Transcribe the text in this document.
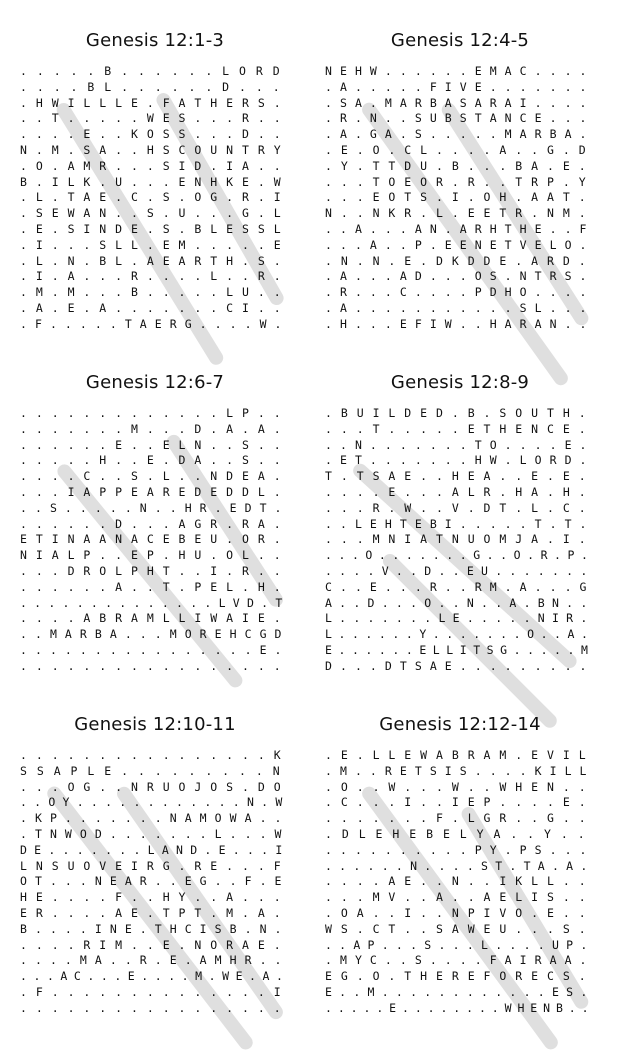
Genesis 12:1-3
.....B......LORD
....BL......D...
.HWILLLE.FATHERS.
..T.....WES...R..
....E..KOSS...D..
N.M.SA..HSCOUNTRY
.O.AMR...SID.IA..
B.ILK.U...ENHKE.W
.L.TAE.C.S.OG.R.I
.SEWAN..S.U...G.L
.E.SINDE.S.BLESSL
.I...SLL.EM.....E
.L.N.BL.AEARTH.S.
.I.A...R....L..R.
.M.M...B.....LU..
.A.E.A.......CI..
.F.....TAERG....W.
Genesis 12:4-5
NEHW......EMAC....
.A.....FIVE.......
.SA.MARBASARAI....
.R.N..SUBSTANCE...
.A.GA.S.....MARBA.
.E.O.CL....A..G.D
.Y.TTDU.B...BA.E.
...TOEOR.R..TRP.Y
...EOTS.I.OH.AAT.
N..NKR.L.EETR.NM.
..A...AN.ARHTHE..F
...A..P.EENETVELO.
.N.N.E.DKDDE.ARD.
.A...AD...OS.NTRS.
.R...C....PDHO....
.A...........SL...
.H...EFIW..HARAN..
Genesis 12:6-7
.............LP..
.......M...D.A.A.
......E..ELN..S..
.....H..E.DA..S..
....C..S.L..NDEA.
...IAPPEAREDEDDL.
..S.....N..HR.EDT.
......D...AGR.RA.
ETINAANACEBEU.OR.
NIALP..EP.HU.OL..
...DROLPHT..I.R..
......A..T.PEL.H.
..............LVD.T
....ABRAMLLIWAIE.
..MARBA...MOREHCGD
................E.
.................
Genesis 12:8-9
.BUILDED.B.SOUTH.
...T.....ETHENCE.
..N.......TO....E.
.ET.......HW.LORD.
T.TSAE..HEA..E.E.
....E...ALR.HA.H.
...R.W..V.DT.L.C.
..LEHTEBI.....T.T.
...MNIATNUOMJA.I.
...O.......G..O.R.P.
....V..D..EU.......
C..E...R..RM.A...G
A..D...O..N..A.BN..
L.......LE.....NIR.
L......Y.......O..A.
E......ELLITSG.....M
D...DTSAE.........
Genesis 12:10-11
................K
SSAPLE.........N
...OG..NRUOJOS.DO
..OY............N.W
.KP.......NAMOWA..
.TNWOD.......L...W
DE.......LAND.E...I
LNSUOVEIRG.RE...F
OT...NEAR..EG..F.E
HE....F..HY..A...
ER....AE.TPT.M.A.
B....INE.THCISB.N.
....RIM..E.NORAE.
....MA..R.E.AMHR..
...AC...E....M.WE.A.
.F..............I
.................
Genesis 12:12-14
.E.LLEWABRAM.EVIL
.M..RETSIS....KILL
.O..W...W..WHEN..
.C...I..IEP....E.
.......F.LGR..G..
.DLEHEBELYA..Y..
..........PY.PS...
......N....ST.TA.A.
....AE..N..IKLL..
...MV..A..AELIS..
.OA..I..NPIVO.E..
WS.CT..SAWEU...S.
..AP...S...L....UP.
.MYC..S....FAIRAA.
EG.O.THEREFORECS.
E..M............ES.
.....E........WHENB..
